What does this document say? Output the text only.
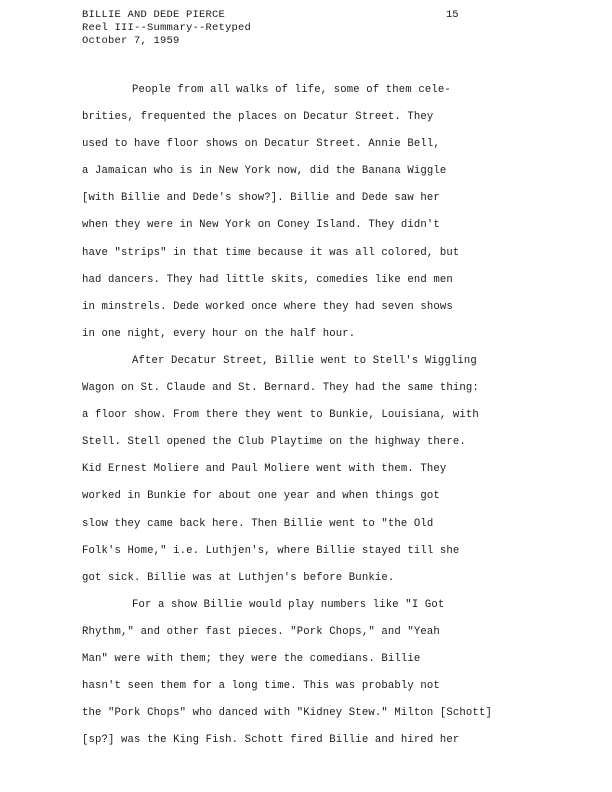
BILLIE AND DEDE PIERCE
Reel III--Summary--Retyped
October 7, 1959
15
People from all walks of life, some of them cele-
brities, frequented the places on Decatur Street. They
used to have floor shows on Decatur Street. Annie Bell,
a Jamaican who is in New York now, did the Banana Wiggle
[with Billie and Dede's show?]. Billie and Dede saw her
when they were in New York on Coney Island. They didn't
have "strips" in that time because it was all colored, but
had dancers. They had little skits, comedies like end men
in minstrels. Dede worked once where they had seven shows
in one night, every hour on the half hour.
After Decatur Street, Billie went to Stell's Wiggling
Wagon on St. Claude and St. Bernard. They had the same thing:
a floor show. From there they went to Bunkie, Louisiana, with
Stell. Stell opened the Club Playtime on the highway there.
Kid Ernest Moliere and Paul Moliere went with them. They
worked in Bunkie for about one year and when things got
slow they came back here. Then Billie went to "the Old
Folk's Home," i.e. Luthjen's, where Billie stayed till she
got sick. Billie was at Luthjen's before Bunkie.
For a show Billie would play numbers like "I Got
Rhythm," and other fast pieces. "Pork Chops," and "Yeah
Man" were with them; they were the comedians. Billie
hasn't seen them for a long time. This was probably not
the "Pork Chops" who danced with "Kidney Stew." Milton [Schott]
[sp?] was the King Fish. Schott fired Billie and hired her
